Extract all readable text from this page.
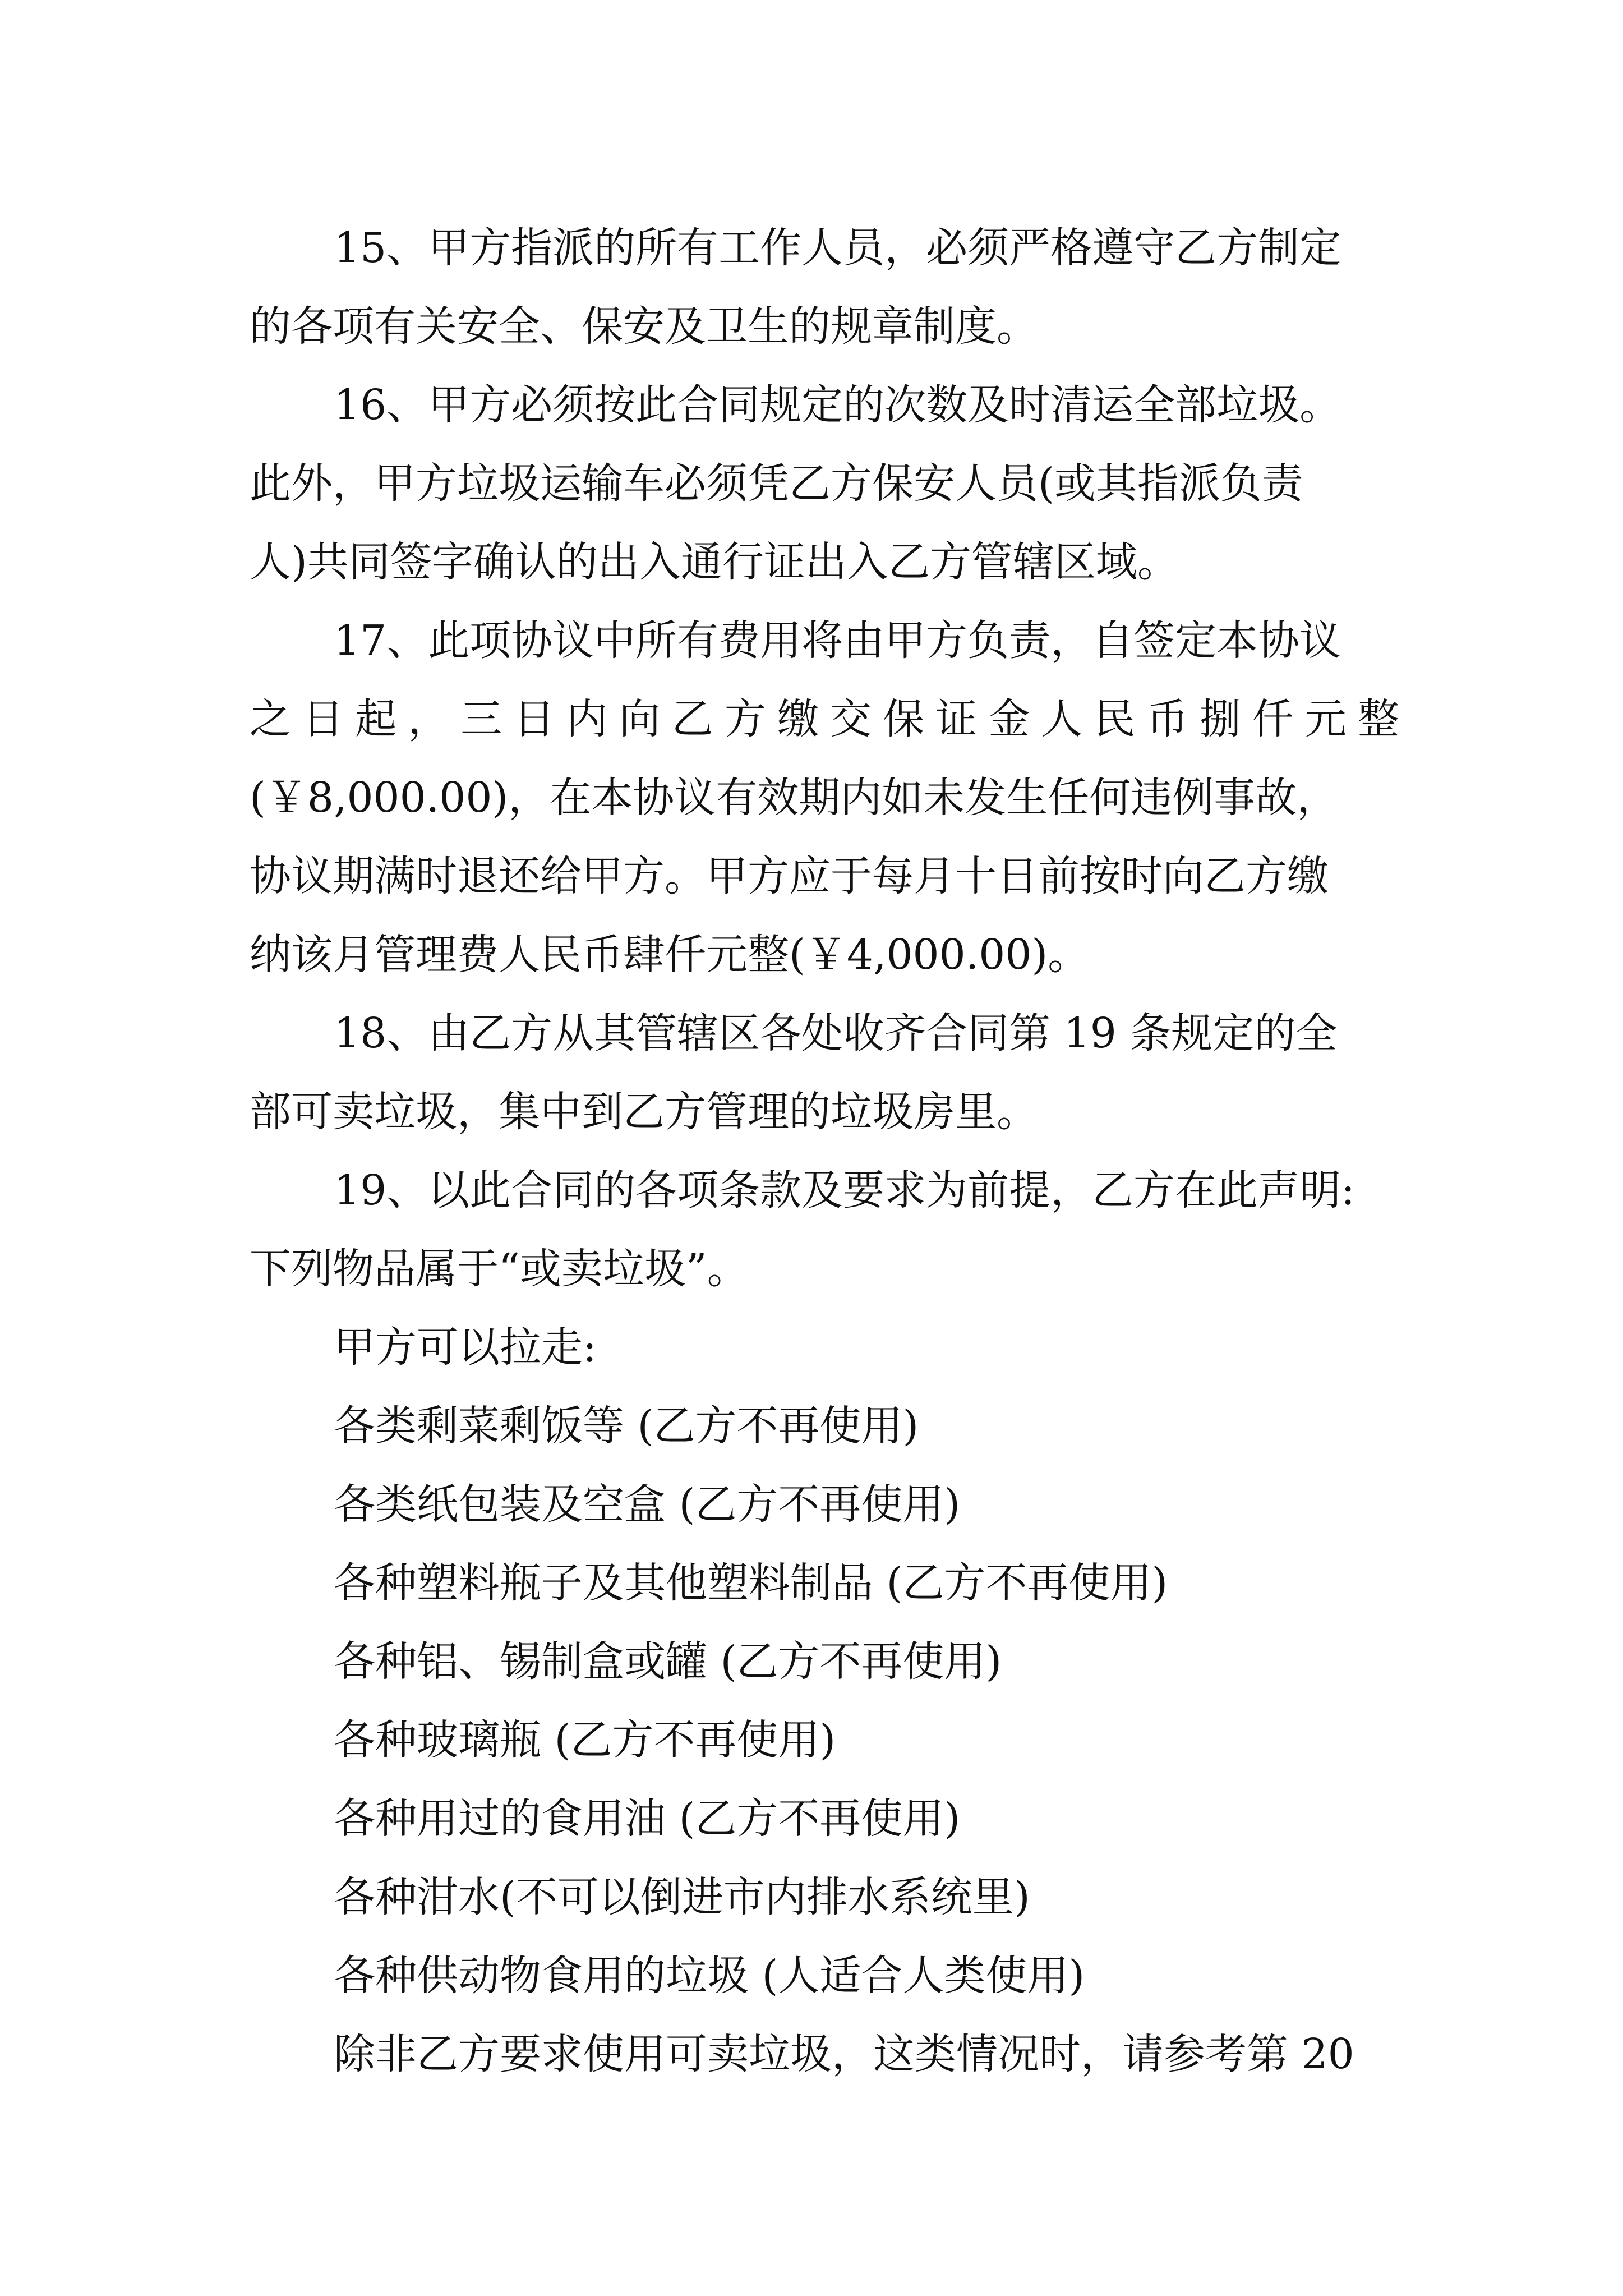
15、甲方指派的所有工作人员，必须严格遵守乙方制定
的各项有关安全、保安及卫生的规章制度。
16、甲方必须按此合同规定的次数及时清运全部垃圾。
此外，甲方垃圾运输车必须凭乙方保安人员(或其指派负责
人)共同签字确认的出入通行证出入乙方管辖区域。
17、此项协议中所有费用将由甲方负责，自签定本协议
之日起，三日内向乙方缴交保证金人民币捌仟元整
(￥8,000.00)，在本协议有效期内如未发生任何违例事故，
协议期满时退还给甲方。甲方应于每月十日前按时向乙方缴
纳该月管理费人民币肆仟元整(￥4,000.00)。
18、由乙方从其管辖区各处收齐合同第 19 条规定的全
部可卖垃圾，集中到乙方管理的垃圾房里。
19、以此合同的各项条款及要求为前提，乙方在此声明:
下列物品属于“或卖垃圾”。
甲方可以拉走:
各类剩菜剩饭等 (乙方不再使用)
各类纸包装及空盒 (乙方不再使用)
各种塑料瓶子及其他塑料制品 (乙方不再使用)
各种铝、锡制盒或罐 (乙方不再使用)
各种玻璃瓶 (乙方不再使用)
各种用过的食用油 (乙方不再使用)
各种泔水(不可以倒进市内排水系统里)
各种供动物食用的垃圾 (人适合人类使用)
除非乙方要求使用可卖垃圾，这类情况时，请参考第 20
